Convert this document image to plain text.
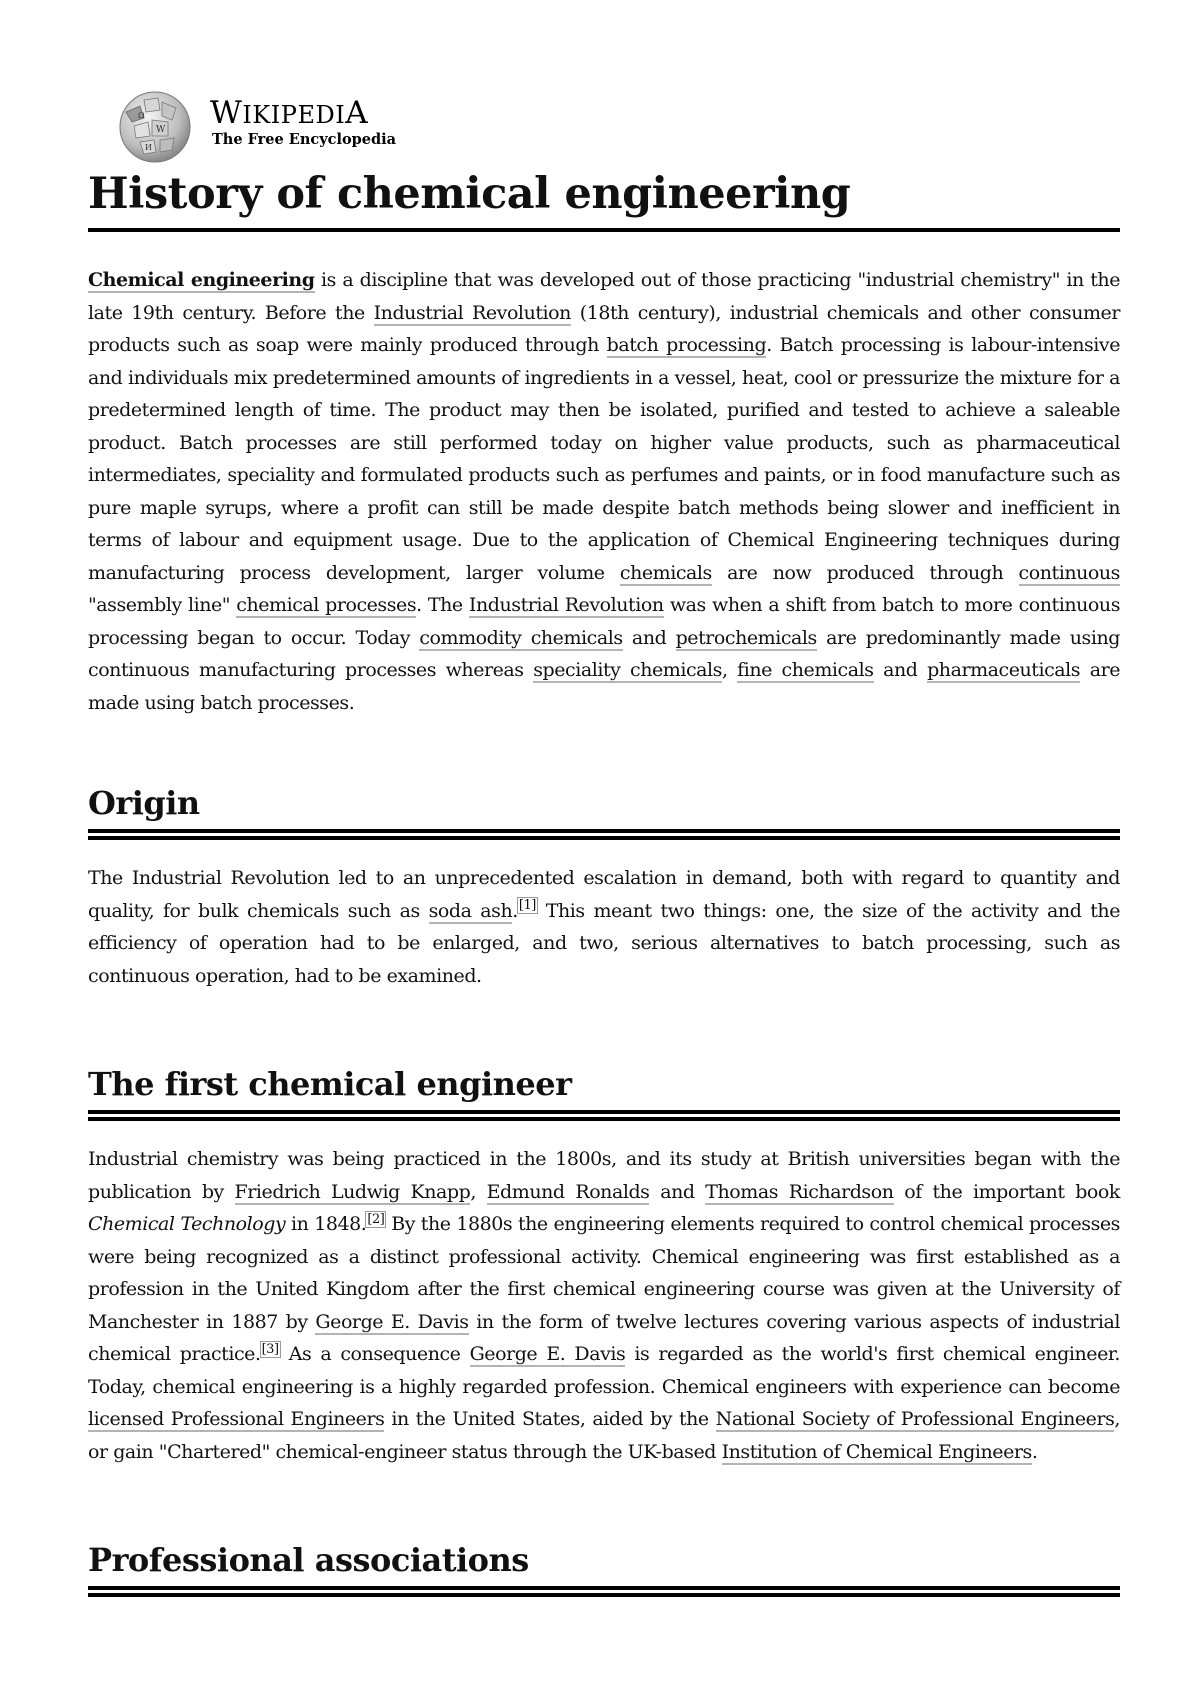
Ω
W
И
WIKIPEDIA
The Free Encyclopedia
History of chemical engineering

Chemical engineering is a discipline that was developed out of those practicing "industrial chemistry" in the late 19th century. Before the Industrial Revolution (18th century), industrial chemicals and other consumer products such as soap were mainly produced through batch processing. Batch processing is labour-intensive and individuals mix predetermined amounts of ingredients in a vessel, heat, cool or pressurize the mixture for a predetermined length of time. The product may then be isolated, purified and tested to achieve a saleable product. Batch processes are still performed today on higher value products, such as pharmaceutical intermediates, speciality and formulated products such as perfumes and paints, or in food manufacture such as pure maple syrups, where a profit can still be made despite batch methods being slower and inefficient in terms of labour and equipment usage. Due to the application of Chemical Engineering techniques during manufacturing process development, larger volume chemicals are now produced through continuous "assembly line" chemical processes. The Industrial Revolution was when a shift from batch to more continuous processing began to occur. Today commodity chemicals and petrochemicals are predominantly made using continuous manufacturing processes whereas speciality chemicals, fine chemicals and pharmaceuticals are made using batch processes.

Origin

The Industrial Revolution led to an unprecedented escalation in demand, both with regard to quantity and quality, for bulk chemicals such as soda ash.[1] This meant two things: one, the size of the activity and the efficiency of operation had to be enlarged, and two, serious alternatives to batch processing, such as continuous operation, had to be examined.

The first chemical engineer

Industrial chemistry was being practiced in the 1800s, and its study at British universities began with the publication by Friedrich Ludwig Knapp, Edmund Ronalds and Thomas Richardson of the important book Chemical Technology in 1848.[2] By the 1880s the engineering elements required to control chemical processes were being recognized as a distinct professional activity. Chemical engineering was first established as a profession in the United Kingdom after the first chemical engineering course was given at the University of Manchester in 1887 by George E. Davis in the form of twelve lectures covering various aspects of industrial chemical practice.[3] As a consequence George E. Davis is regarded as the world's first chemical engineer. Today, chemical engineering is a highly regarded profession. Chemical engineers with experience can become licensed Professional Engineers in the United States, aided by the National Society of Professional Engineers, or gain "Chartered" chemical-engineer status through the UK-based Institution of Chemical Engineers.

Professional associations
